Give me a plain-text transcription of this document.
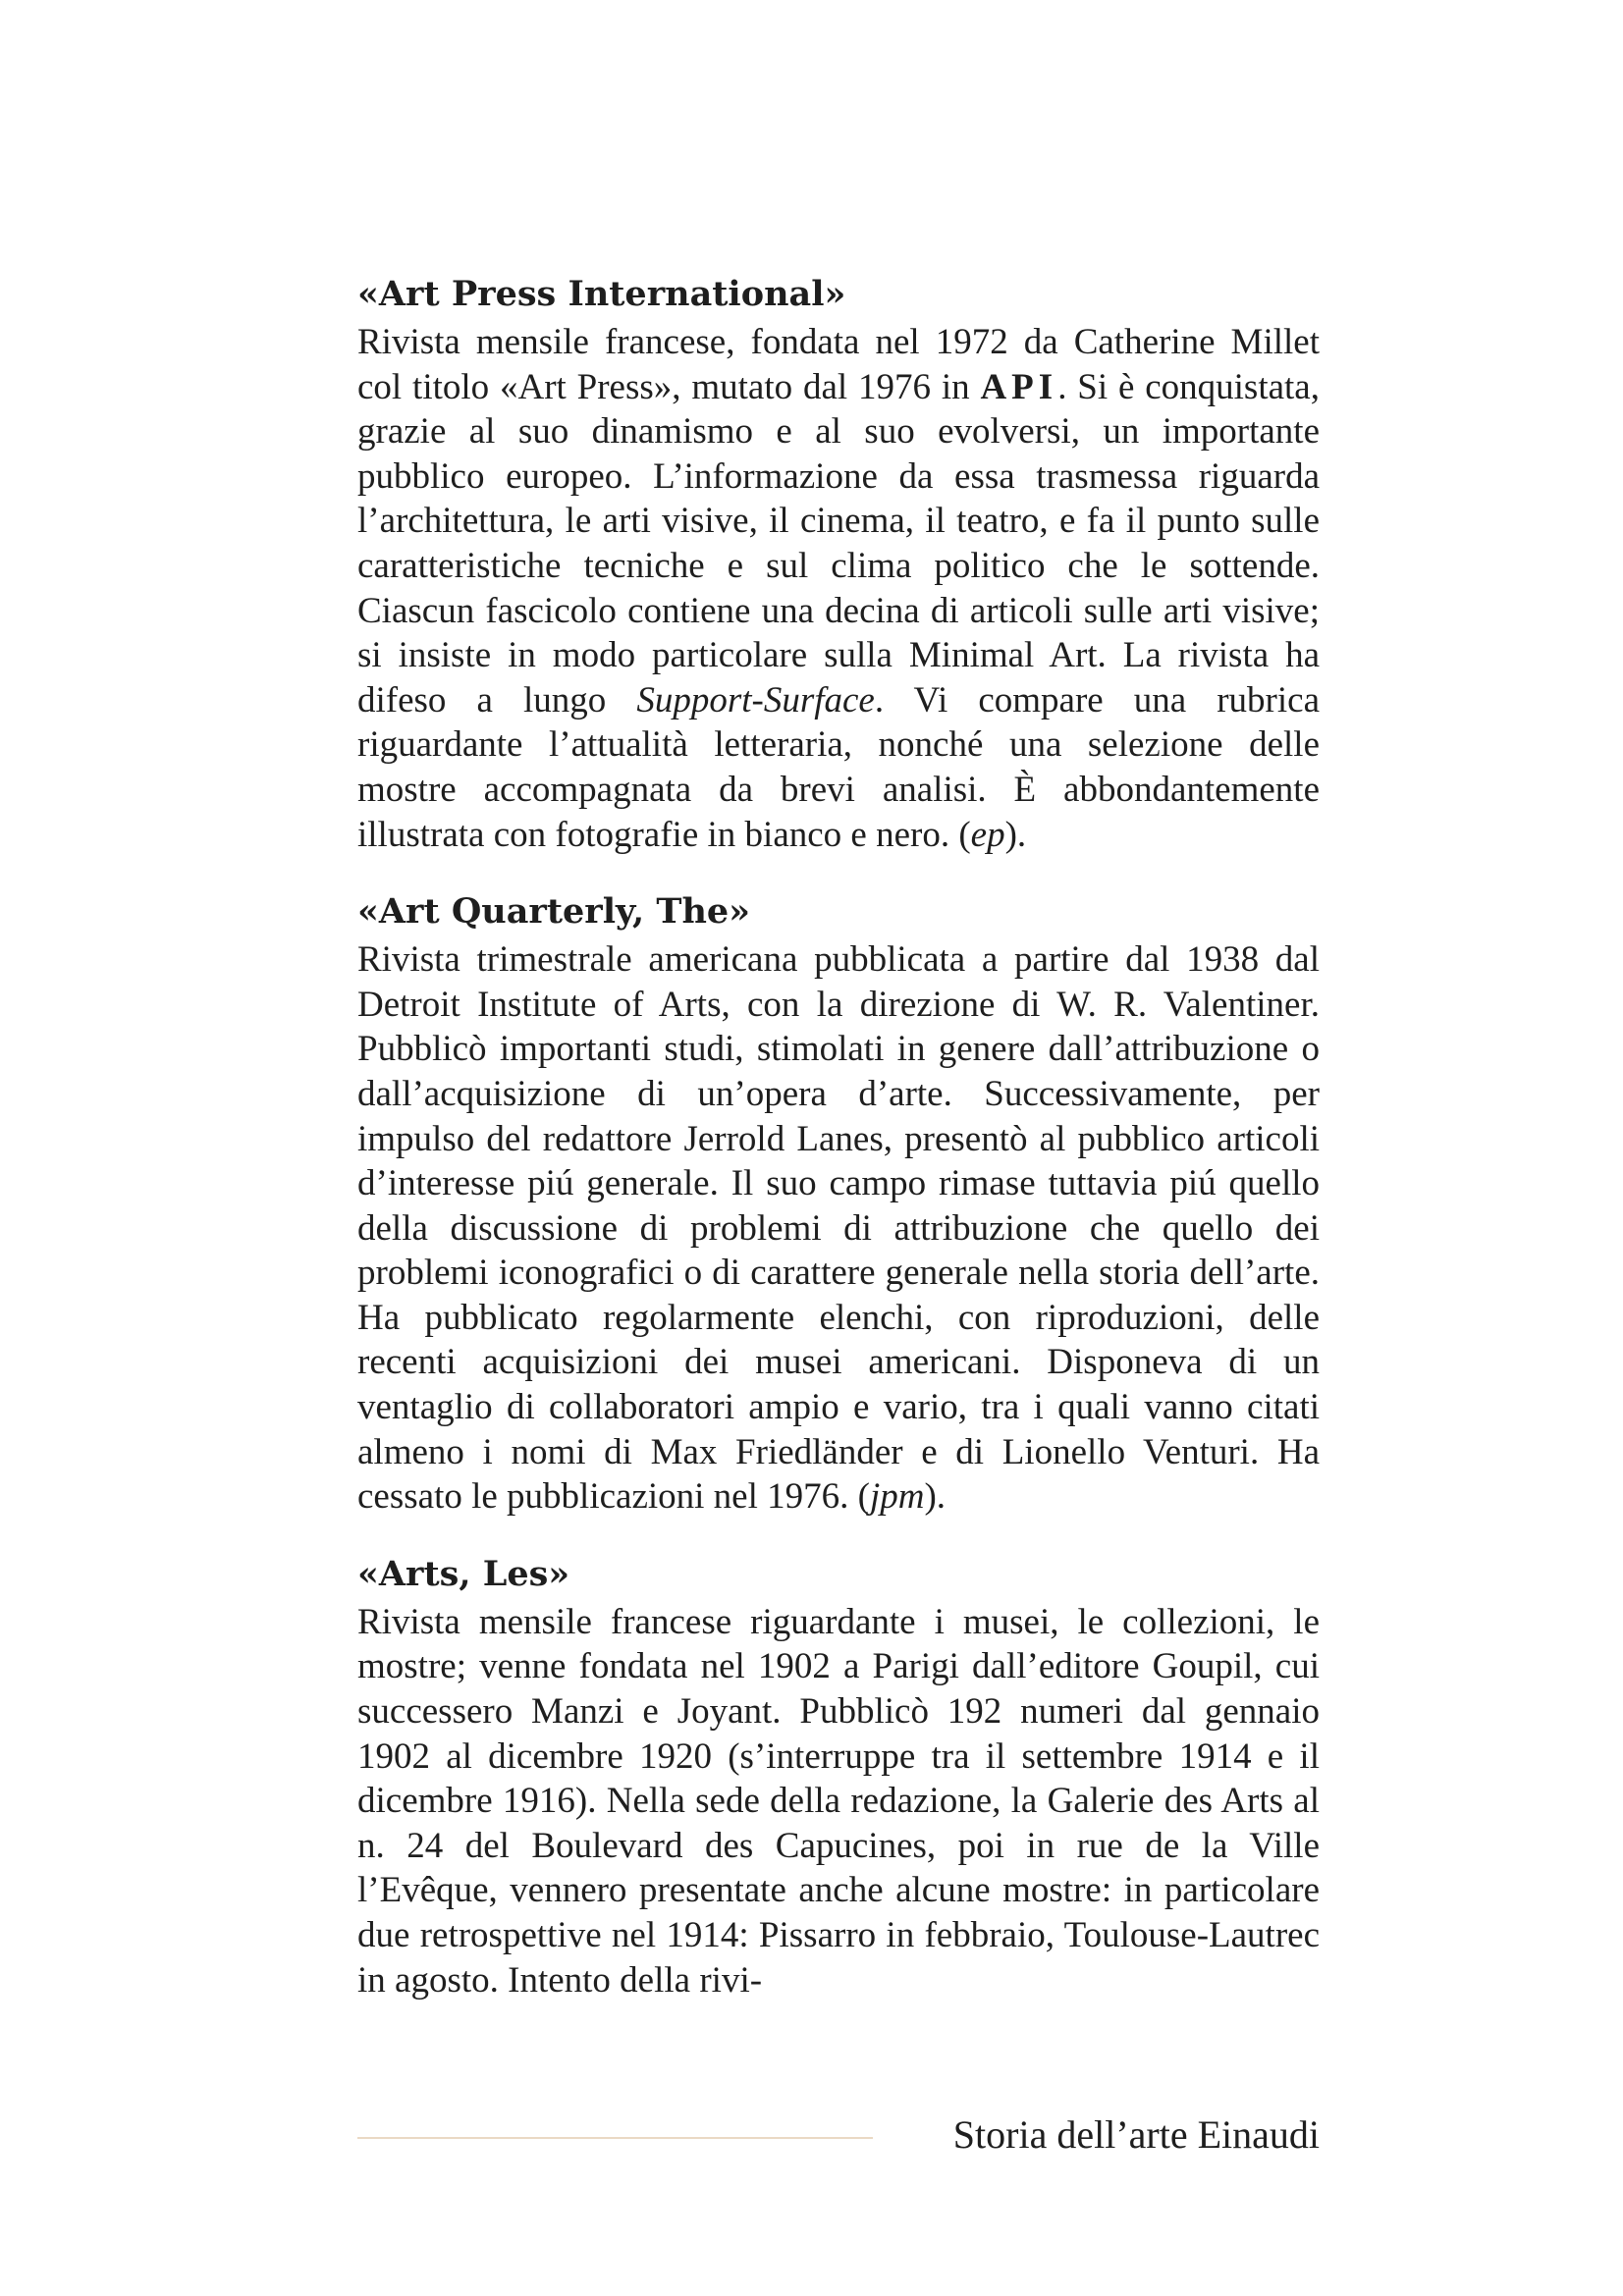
«Art Press International»
Rivista mensile francese, fondata nel 1972 da Catherine Millet col titolo «Art Press», mutato dal 1976 in API. Si è conquistata, grazie al suo dinamismo e al suo evolversi, un importante pubblico europeo. L’informazione da essa trasmessa riguarda l’architettura, le arti visive, il cinema, il teatro, e fa il punto sulle caratteristiche tecniche e sul clima politico che le sottende. Ciascun fascicolo contiene una decina di articoli sulle arti visive; si insiste in modo particolare sulla Minimal Art. La rivista ha difeso a lungo Support-Surface. Vi compare una rubrica riguardante l’attualità letteraria, nonché una selezione delle mostre accompagnata da brevi analisi. È abbondantemente illustrata con fotografie in bianco e nero. (ep).
«Art Quarterly, The»
Rivista trimestrale americana pubblicata a partire dal 1938 dal Detroit Institute of Arts, con la direzione di W. R. Valentiner. Pubblicò importanti studi, stimolati in genere dall’attribuzione o dall’acquisizione di un’opera d’arte. Successivamente, per impulso del redattore Jerrold Lanes, presentò al pubblico articoli d’interesse piú generale. Il suo campo rimase tuttavia piú quello della discussione di problemi di attribuzione che quello dei problemi iconografici o di carattere generale nella storia dell’arte. Ha pubblicato regolarmente elenchi, con riproduzioni, delle recenti acquisizioni dei musei americani. Disponeva di un ventaglio di collaboratori ampio e vario, tra i quali vanno citati almeno i nomi di Max Friedländer e di Lionello Venturi. Ha cessato le pubblicazioni nel 1976. (jpm).
«Arts, Les»
Rivista mensile francese riguardante i musei, le collezioni, le mostre; venne fondata nel 1902 a Parigi dall’editore Goupil, cui successero Manzi e Joyant. Pubblicò 192 numeri dal gennaio 1902 al dicembre 1920 (s’interruppe tra il settembre 1914 e il dicembre 1916). Nella sede della redazione, la Galerie des Arts al n. 24 del Boulevard des Capucines, poi in rue de la Ville l’Evêque, vennero presentate anche alcune mostre: in particolare due retrospettive nel 1914: Pissarro in febbraio, Toulouse-Lautrec in agosto. Intento della rivi-
Storia dell’arte Einaudi
